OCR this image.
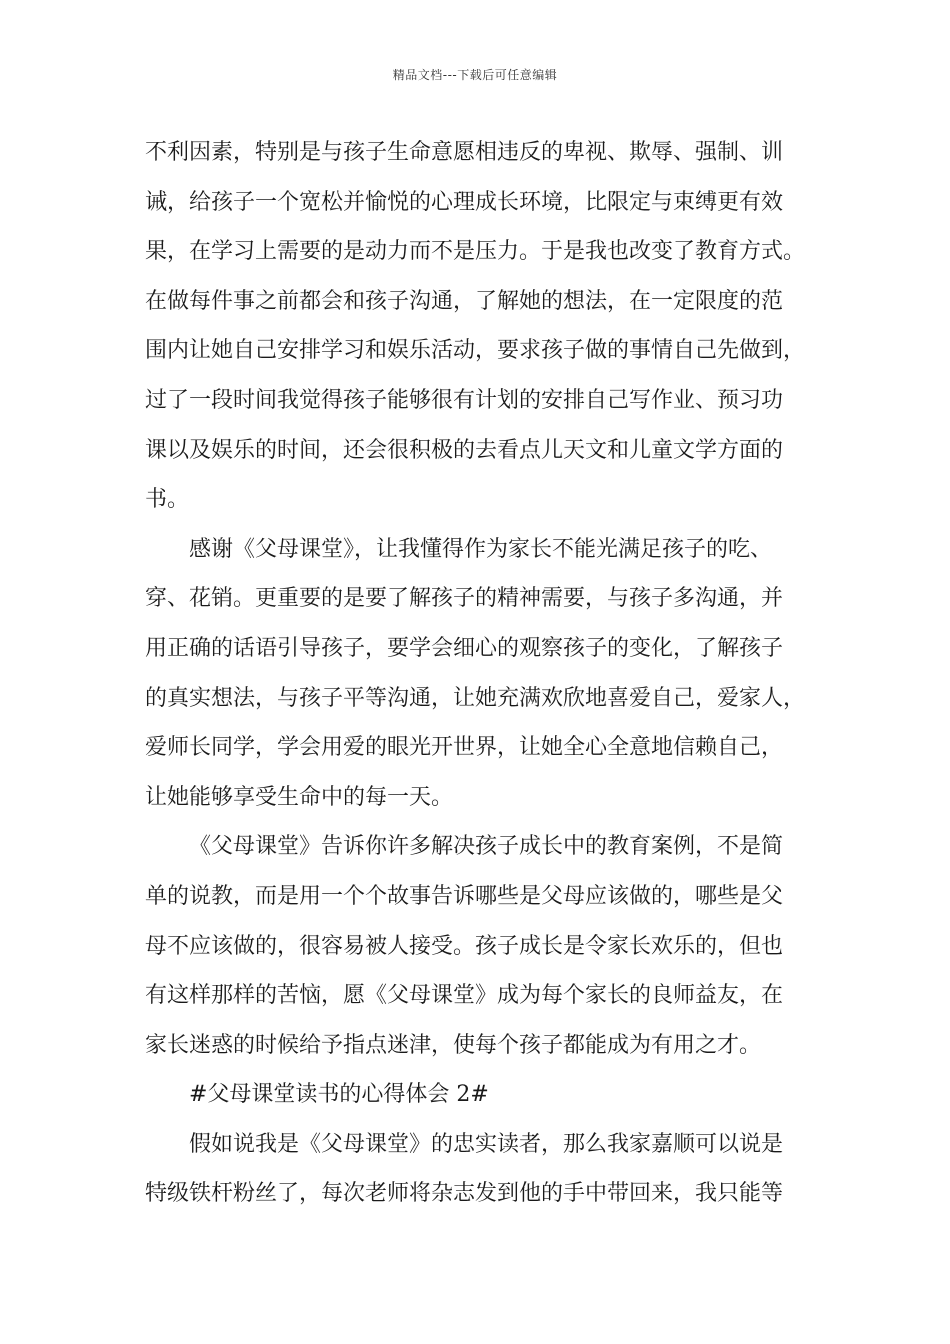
精品文档---下载后可任意编辑
不利因素，特别是与孩子生命意愿相违反的卑视、欺辱、强制、训
诫，给孩子一个宽松并愉悦的心理成长环境，比限定与束缚更有效
果，在学习上需要的是动力而不是压力。于是我也改变了教育方式。
在做每件事之前都会和孩子沟通，了解她的想法，在一定限度的范
围内让她自己安排学习和娱乐活动，要求孩子做的事情自己先做到，
过了一段时间我觉得孩子能够很有计划的安排自己写作业、预习功
课以及娱乐的时间，还会很积极的去看点儿天文和儿童文学方面的
书。
感谢《父母课堂》，让我懂得作为家长不能光满足孩子的吃、
穿、花销。更重要的是要了解孩子的精神需要，与孩子多沟通，并
用正确的话语引导孩子，要学会细心的观察孩子的变化，了解孩子
的真实想法，与孩子平等沟通，让她充满欢欣地喜爱自己，爱家人，
爱师长同学，学会用爱的眼光开世界，让她全心全意地信赖自己，
让她能够享受生命中的每一天。
《父母课堂》告诉你许多解决孩子成长中的教育案例，不是简
单的说教，而是用一个个故事告诉哪些是父母应该做的，哪些是父
母不应该做的，很容易被人接受。孩子成长是令家长欢乐的，但也
有这样那样的苦恼，愿《父母课堂》成为每个家长的良师益友，在
家长迷惑的时候给予指点迷津，使每个孩子都能成为有用之才。
#父母课堂读书的心得体会 2#
假如说我是《父母课堂》的忠实读者，那么我家嘉顺可以说是
特级铁杆粉丝了，每次老师将杂志发到他的手中带回来，我只能等
